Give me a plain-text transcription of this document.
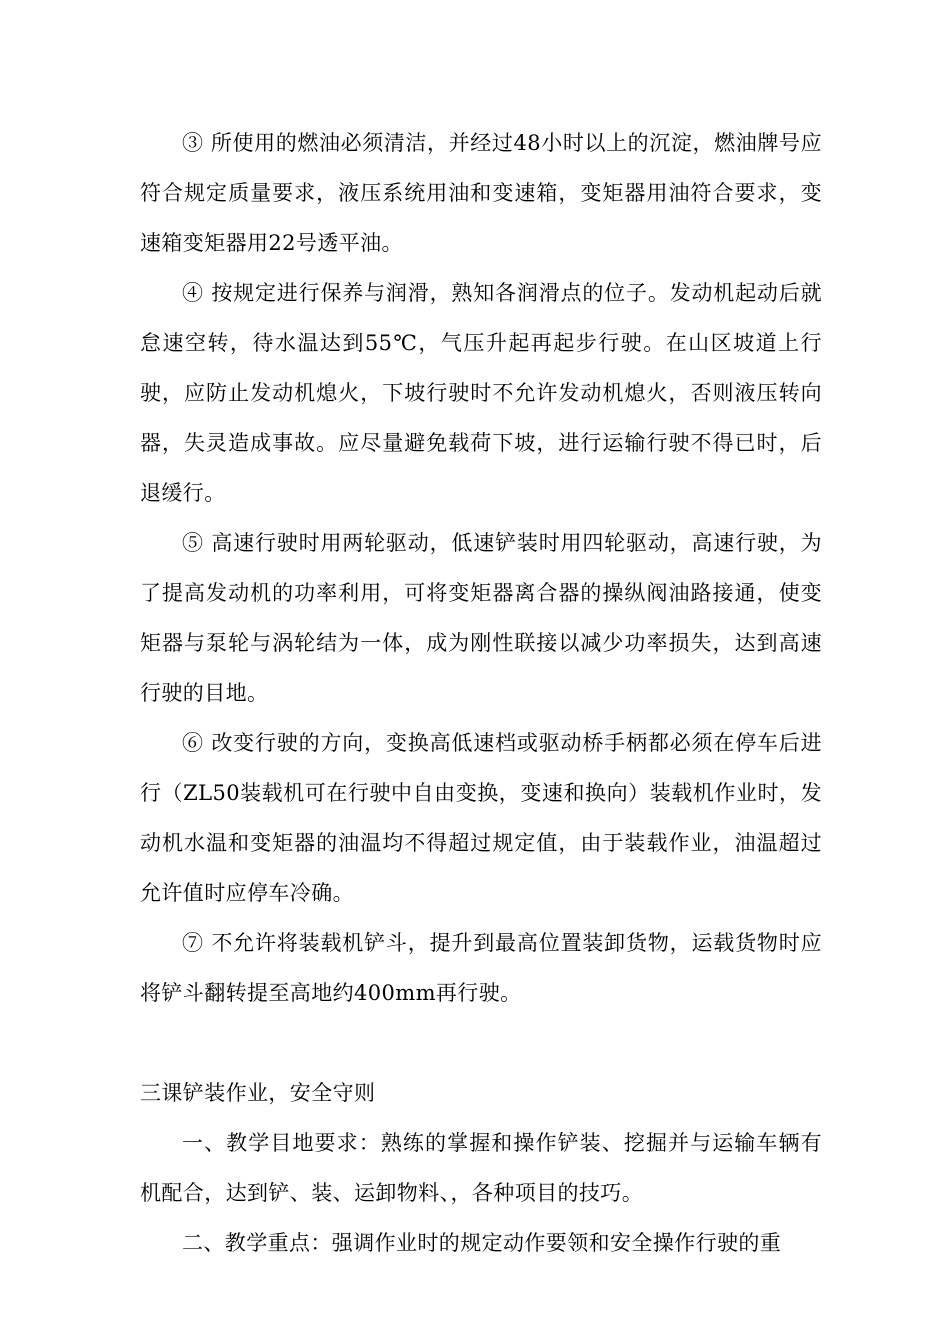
③ 所使用的燃油必须清洁，并经过48小时以上的沉淀，燃油牌号应符合规定质量要求，液压系统用油和变速箱，变矩器用油符合要求，变速箱变矩器用22号透平油。

④ 按规定进行保养与润滑，熟知各润滑点的位子。发动机起动后就怠速空转，待水温达到55℃，气压升起再起步行驶。在山区坡道上行驶，应防止发动机熄火，下坡行驶时不允许发动机熄火，否则液压转向器，失灵造成事故。应尽量避免载荷下坡，进行运输行驶不得已时，后退缓行。

⑤ 高速行驶时用两轮驱动，低速铲装时用四轮驱动，高速行驶，为了提高发动机的功率利用，可将变矩器离合器的操纵阀油路接通，使变矩器与泵轮与涡轮结为一体，成为刚性联接以减少功率损失，达到高速行驶的目地。

⑥ 改变行驶的方向，变换高低速档或驱动桥手柄都必须在停车后进行（ZL50装载机可在行驶中自由变换，变速和换向）装载机作业时，发动机水温和变矩器的油温均不得超过规定值，由于装载作业，油温超过允许值时应停车冷确。

⑦ 不允许将装载机铲斗，提升到最高位置装卸货物，运载货物时应将铲斗翻转提至高地约400mm再行驶。

三课铲装作业，安全守则

一、教学目地要求：熟练的掌握和操作铲装、挖掘并与运输车辆有机配合，达到铲、装、运卸物料、，各种项目的技巧。

二、教学重点：强调作业时的规定动作要领和安全操作行驶的重
